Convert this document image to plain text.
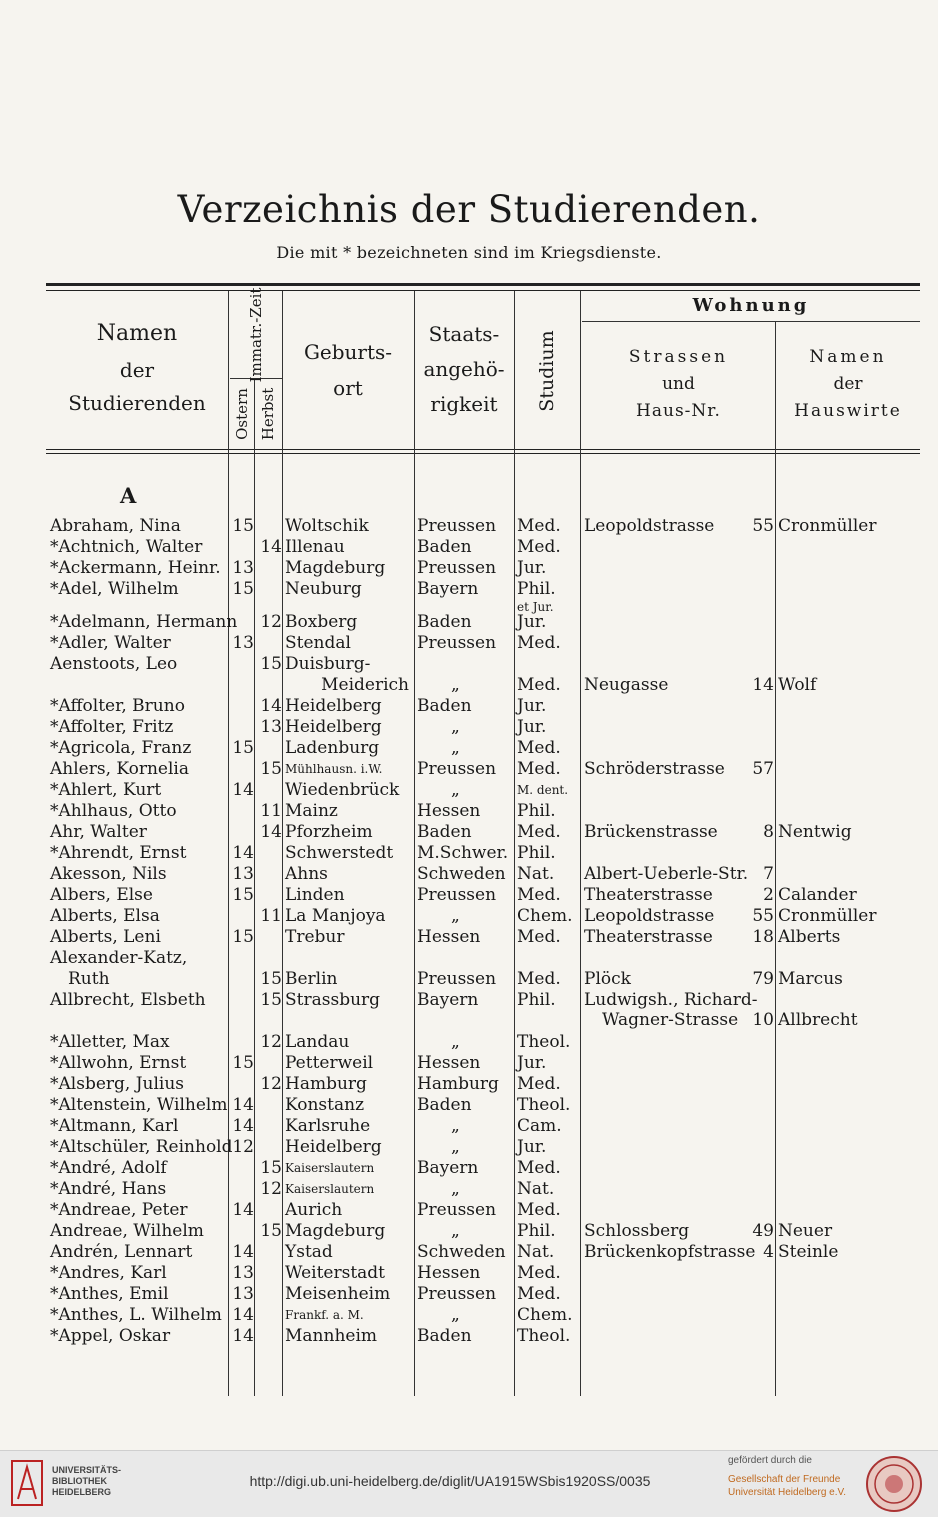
Verzeichnis der Studierenden.
Die mit * bezeichneten sind im Kriegsdienste.
Namen
der
Studierenden
Immatr.-Zeit
Ostern Herbst
Geburts-
ort
Staats-
angehö-
rigkeit	Studium
Wohnung
Strassen
und
Haus-Nr.
Namen
der
Hauswirte
A
Abraham, Nina	15 Woltschik	Preussen	Med.	Leopoldstrasse	55 Cronmüller
*Achtnich, Walter	14 Illenau	Baden	Med.
*Ackermann, Heinr. 13 Magdeburg	Preussen	Jur.
*Adel, Wilhelm	15 Neuburg	Bayern	Phil.
et Jur.
*Adelmann, Hermann 12 Boxberg	Baden	Jur.
*Adler, Walter	13 Stendal	Preussen	Med.
Aenstoots, Leo	15 Duisburg-
Meiderich	„	Med.	Neugasse	14 Wolf
*Affolter, Bruno	14 Heidelberg	Baden	Jur.
*Affolter, Fritz	13 Heidelberg	„	Jur.
*Agricola, Franz	15 Ladenburg	„	Med.
Ahlers, Kornelia	15 Mühlhausn. i.W.	Preussen	Med.	Schröderstrasse	57
*Ahlert, Kurt	14 Wiedenbrück	„	M. dent.
*Ahlhaus, Otto	11 Mainz	Hessen	Phil.
Ahr, Walter	14 Pforzheim	Baden	Med.	Brückenstrasse	8 Nentwig
*Ahrendt, Ernst	14 Schwerstedt	M.Schwer. Phil.
Akesson, Nils	13 Ahns	Schweden Nat.	Albert-Ueberle-Str. 7
Albers, Else	15 Linden	Preussen	Med.	Theaterstrasse	2 Calander
Alberts, Elsa	11 La Manjoya	„	Chem. Leopoldstrasse	55 Cronmüller
Alberts, Leni	15 Trebur	Hessen	Med.	Theaterstrasse	18 Alberts
Alexander-Katz,
Ruth	15 Berlin	Preussen	Med.	Plöck	79 Marcus
Allbrecht, Elsbeth	15 Strassburg	Bayern	Phil.	Ludwigsh., Richard-
Wagner-Strasse 10 Allbrecht
*Alletter, Max	12 Landau	„	Theol.
*Allwohn, Ernst	15 Petterweil	Hessen	Jur.
*Alsberg, Julius	12 Hamburg	Hamburg	Med.
*Altenstein, Wilhelm 14 Konstanz	Baden	Theol.
*Altmann, Karl	14 Karlsruhe	„	Cam.
*Altschüler, Reinhold 12 Heidelberg	„	Jur.
*André, Adolf	15 Kaiserslautern	Bayern	Med.
*André, Hans	12 Kaiserslautern	„	Nat.
*Andreae, Peter	14 Aurich	Preussen	Med.
Andreae, Wilhelm	15 Magdeburg	„	Phil.	Schlossberg	49 Neuer
Andrén, Lennart	14 Ystad	Schweden Nat.	Brückenkopfstrasse 4 Steinle
*Andres, Karl	13 Weiterstadt	Hessen	Med.
*Anthes, Emil	13 Meisenheim	Preussen	Med.
*Anthes, L. Wilhelm 14	Frankf. a. M.	„	Chem.
*Appel, Oskar	14 Mannheim	Baden	Theol.
UNIVERSITÄTS-
BIBLIOTHEK
HEIDELBERG
http://digi.ub.uni-heidelberg.de/diglit/UA1915WSbis1920SS/0035
gefördert durch die
Gesellschaft der Freunde
Universität Heidelberg e.V.
